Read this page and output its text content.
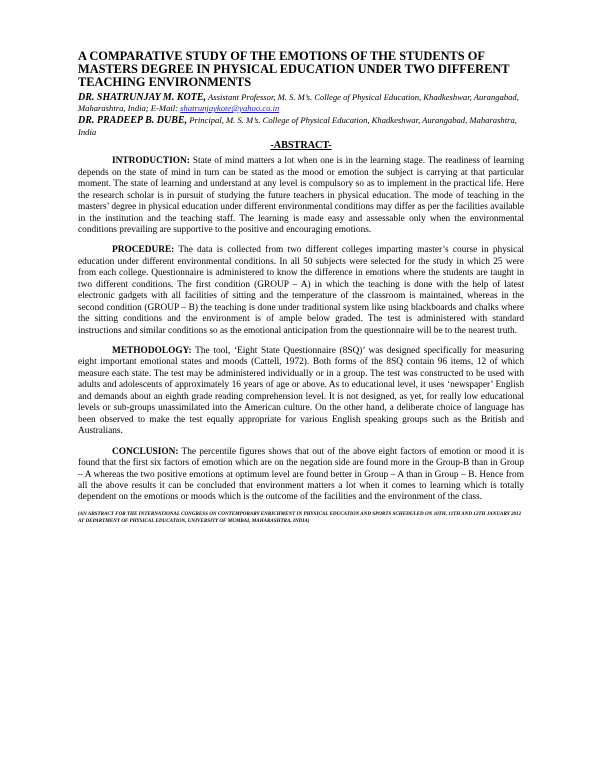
A COMPARATIVE STUDY OF THE EMOTIONS OF THE STUDENTS OF MASTERS DEGREE IN PHYSICAL EDUCATION UNDER TWO DIFFERENT TEACHING ENVIRONMENTS

DR. SHATRUNJAY M. KOTE, Assistant Professor, M. S. M’s. College of Physical Education, Khadkeshwar, Aurangabad, Maharashtra, India; E-Mail: shatrunjaykote@yahoo.co.in

DR. PRADEEP B. DUBE, Principal, M. S. M’s. College of Physical Education, Khadkeshwar, Aurangabad, Maharashtra, India

-ABSTRACT-

INTRODUCTION: State of mind matters a lot when one is in the learning stage. The readiness of learning depends on the state of mind in turn can be stated as the mood or emotion the subject is carrying at that particular moment. The state of learning and understand at any level is compulsory so as to implement in the practical life. Here the research scholar is in pursuit of studying the future teachers in physical education. The mode of teaching in the masters’ degree in physical education under different environmental conditions may differ as per the facilities available in the institution and the teaching staff. The learning is made easy and assessable only when the environmental conditions prevailing are supportive to the positive and encouraging emotions.

PROCEDURE: The data is collected from two different colleges imparting master’s course in physical education under different environmental conditions. In all 50 subjects were selected for the study in which 25 were from each college. Questionnaire is administered to know the difference in emotions where the students are taught in two different conditions. The first condition (GROUP – A) in which the teaching is done with the help of latest electronic gadgets with all facilities of sitting and the temperature of the classroom is maintained, whereas in the second condition (GROUP – B) the teaching is done under traditional system like using blackboards and chalks where the sitting conditions and the environment is of ample below graded. The test is administered with standard instructions and similar conditions so as the emotional anticipation from the questionnaire will be to the nearest truth.

METHODOLOGY: The tool, ‘Eight State Questionnaire (8SQ)’ was designed specifically for measuring eight important emotional states and moods (Cattell, 1972). Both forms of the 8SQ contain 96 items, 12 of which measure each state. The test may be administered individually or in a group. The test was constructed to be used with adults and adolescents of approximately 16 years of age or above. As to educational level, it uses ‘newspaper’ English and demands about an eighth grade reading comprehension level. It is not designed, as yet, for really low educational levels or sub-groups unassimilated into the American culture. On the other hand, a deliberate choice of language has been observed to make the test equally appropriate for various English speaking groups such as the British and Australians.

CONCLUSION: The percentile figures shows that out of the above eight factors of emotion or mood it is found that the first six factors of emotion which are on the negation side are found more in the Group-B than in Group – A whereas the two positive emotions at optimum level are found better in Group – A than in Group – B. Hence from all the above results it can be concluded that environment matters a lot when it comes to learning which is totally dependent on the emotions or moods which is the outcome of the facilities and the environment of the class.

(AN ABSTRACT FOR THE INTERNATIONAL CONGRESS ON CONTEMPORARY ENRICHMENT IN PHYSICAL EDUCATION AND SPORTS SCHEDULED ON 10TH, 11TH AND 12TH JANUARY 2012 AT DEPARTMENT OF PHYSICAL EDUCATION, UNIVERSITY OF MUMBAI, MAHARASHTRA, INDIA)
